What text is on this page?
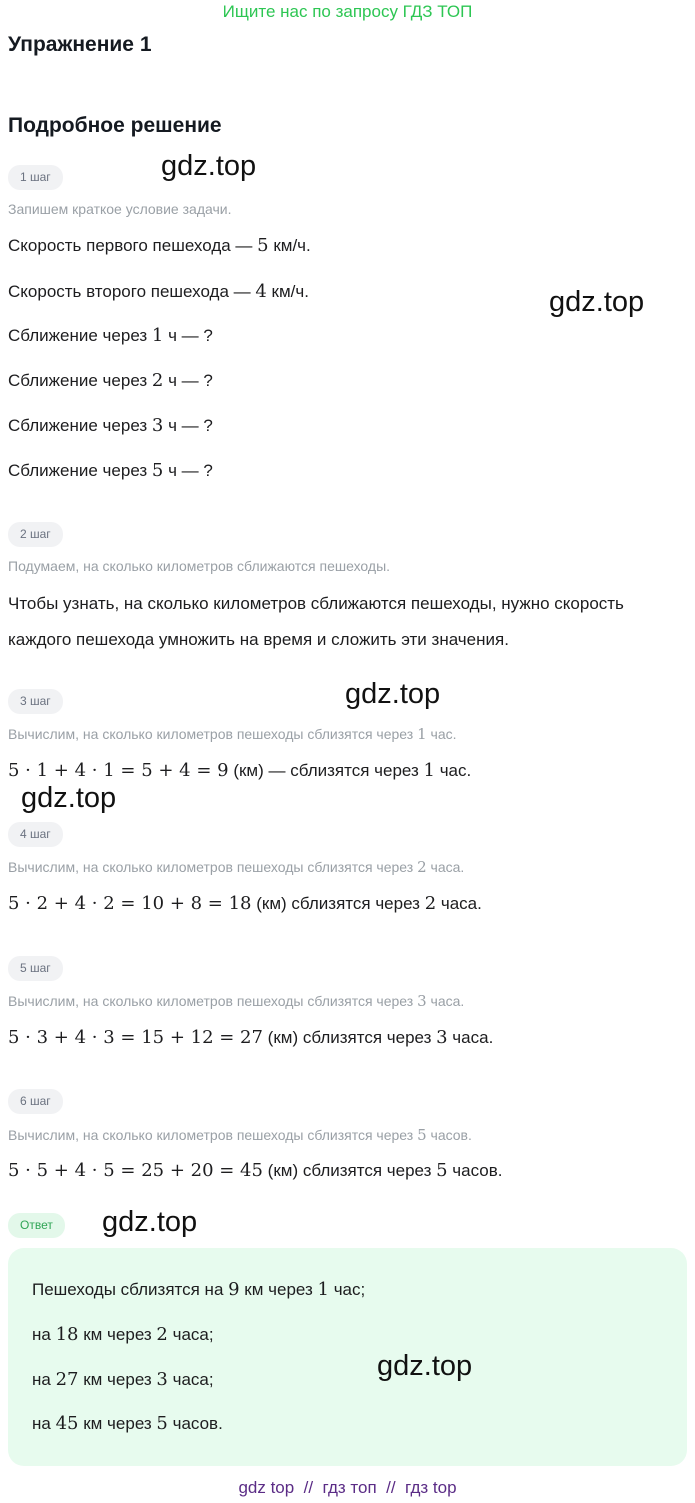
Ищите нас по запросу ГДЗ ТОП
Упражнение 1
Подробное решение
1 шаг	gdz.top
Запишем краткое условие задачи.
Скорость первого пешехода — 5 км/ч.
Скорость второго пешехода — 4 км/ч.	gdz.top
Сближение через 1 ч — ?
Сближение через 2 ч — ?
Сближение через 3 ч — ?
Сближение через 5 ч — ?
2 шаг
Подумаем, на сколько километров сближаются пешеходы.
Чтобы узнать, на сколько километров сближаются пешеходы, нужно скорость
каждого пешехода умножить на время и сложить эти значения.
gdz.top
3 шаг
Вычислим, на сколько километров пешеходы сблизятся через 1 час.
5 · 1 + 4 · 1 = 5 + 4 = 9 (км) — сблизятся через 1 час.
gdz.top
4 шаг
Вычислим, на сколько километров пешеходы сблизятся через 2 часа.
5 · 2 + 4 · 2 = 10 + 8 = 18 (км) сблизятся через 2 часа.
5 шаг
Вычислим, на сколько километров пешеходы сблизятся через 3 часа.
5 · 3 + 4 · 3 = 15 + 12 = 27 (км) сблизятся через 3 часа.
6 шаг
Вычислим, на сколько километров пешеходы сблизятся через 5 часов.
5 · 5 + 4 · 5 = 25 + 20 = 45 (км) сблизятся через 5 часов.
Ответ	gdz.top
Пешеходы сблизятся на 9 км через 1 час;
на 18 км через 2 часа;
gdz.top
на 27 км через 3 часа;
на 45 км через 5 часов.
gdz top  //  гдз топ  //  гдз top
